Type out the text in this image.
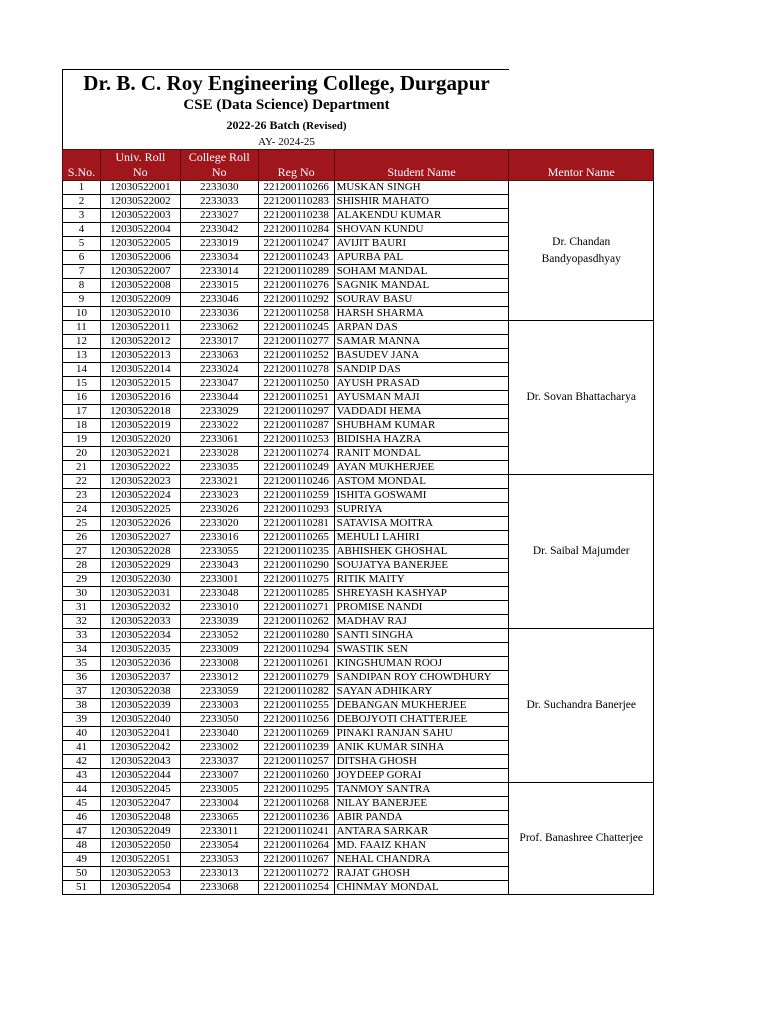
Dr. B. C. Roy Engineering College, Durgapur
CSE (Data Science) Department
2022-26 Batch (Revised)
AY- 2024-25
	Univ. Roll	College Roll			
S.No.	No	No	Reg No	Student Name	Mentor Name
1	12030522001	2233030	221200110266	MUSKAN SINGH	Dr. Chandan Bandyopasdhyay
2	12030522002	2233033	221200110283	SHISHIR MAHATO	
3	12030522003	2233027	221200110238	ALAKENDU KUMAR	
4	12030522004	2233042	221200110284	SHOVAN KUNDU	
5	12030522005	2233019	221200110247	AVIJIT BAURI	
6	12030522006	2233034	221200110243	APURBA PAL	
7	12030522007	2233014	221200110289	SOHAM MANDAL	
8	12030522008	2233015	221200110276	SAGNIK MANDAL	
9	12030522009	2233046	221200110292	SOURAV BASU	
10	12030522010	2233036	221200110258	HARSH SHARMA	
11	12030522011	2233062	221200110245	ARPAN DAS	Dr. Sovan Bhattacharya
12	12030522012	2233017	221200110277	SAMAR MANNA	
13	12030522013	2233063	221200110252	BASUDEV JANA	
14	12030522014	2233024	221200110278	SANDIP DAS	
15	12030522015	2233047	221200110250	AYUSH PRASAD	
16	12030522016	2233044	221200110251	AYUSMAN MAJI	
17	12030522018	2233029	221200110297	VADDADI HEMA	
18	12030522019	2233022	221200110287	SHUBHAM KUMAR	
19	12030522020	2233061	221200110253	BIDISHA HAZRA	
20	12030522021	2233028	221200110274	RANIT MONDAL	
21	12030522022	2233035	221200110249	AYAN MUKHERJEE	
22	12030522023	2233021	221200110246	ASTOM MONDAL	Dr. Saibal Majumder
23	12030522024	2233023	221200110259	ISHITA GOSWAMI	
24	12030522025	2233026	221200110293	SUPRIYA	
25	12030522026	2233020	221200110281	SATAVISA MOITRA	
26	12030522027	2233016	221200110265	MEHULI LAHIRI	
27	12030522028	2233055	221200110235	ABHISHEK GHOSHAL	
28	12030522029	2233043	221200110290	SOUJATYA BANERJEE	
29	12030522030	2233001	221200110275	RITIK MAITY	
30	12030522031	2233048	221200110285	SHREYASH KASHYAP	
31	12030522032	2233010	221200110271	PROMISE NANDI	
32	12030522033	2233039	221200110262	MADHAV RAJ	
33	12030522034	2233052	221200110280	SANTI SINGHA	Dr. Suchandra Banerjee
34	12030522035	2233009	221200110294	SWASTIK SEN	
35	12030522036	2233008	221200110261	KINGSHUMAN ROOJ	
36	12030522037	2233012	221200110279	SANDIPAN ROY CHOWDHURY	
37	12030522038	2233059	221200110282	SAYAN ADHIKARY	
38	12030522039	2233003	221200110255	DEBANGAN MUKHERJEE	
39	12030522040	2233050	221200110256	DEBOJYOTI CHATTERJEE	
40	12030522041	2233040	221200110269	PINAKI RANJAN SAHU	
41	12030522042	2233002	221200110239	ANIK KUMAR SINHA	
42	12030522043	2233037	221200110257	DITSHA GHOSH	
43	12030522044	2233007	221200110260	JOYDEEP GORAI	
44	12030522045	2233005	221200110295	TANMOY SANTRA	Prof. Banashree Chatterjee
45	12030522047	2233004	221200110268	NILAY BANERJEE	
46	12030522048	2233065	221200110236	ABIR PANDA	
47	12030522049	2233011	221200110241	ANTARA SARKAR	
48	12030522050	2233054	221200110264	MD. FAAIZ KHAN	
49	12030522051	2233053	221200110267	NEHAL CHANDRA	
50	12030522053	2233013	221200110272	RAJAT GHOSH	
51	12030522054	2233068	221200110254	CHINMAY MONDAL	
